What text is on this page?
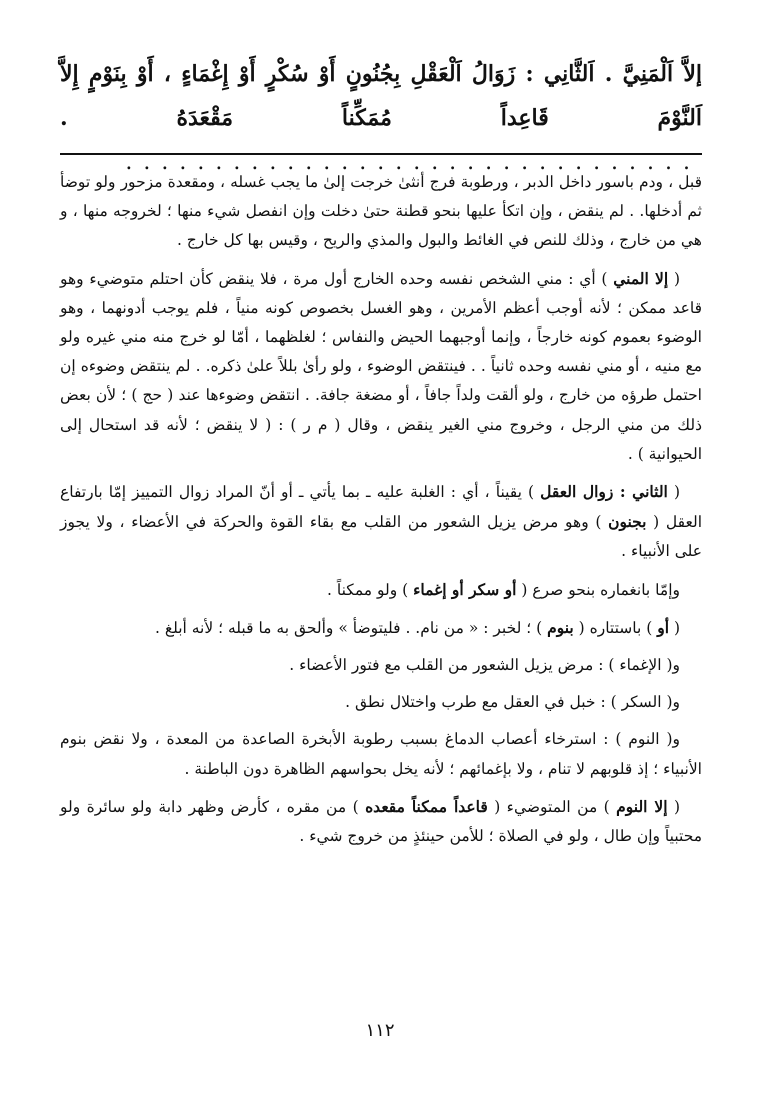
إلاَّ اَلْمَنِيَّ . اَلثَّانِي : زَوَالُ اَلْعَقْلِ بِجُنُونٍ أَوْ سُكْرٍ أَوْ إِغْمَاءٍ ، أَوْ بِنَوْمٍ إِلاَّ اَلنَّوْمَ قَاعِداً مُمَكِّناً مَقْعَدَهُ . . . . . . . . . . . . . . . . . . . . . . . . . . . . . . . . .

قبل ، ودم باسور داخل الدبر ، ورطوبة فرج أنثىٰ خرجت إلىٰ ما يجب غسله ، ومقعدة مزحور ولو توضأ ثم أدخلها. . لم ينقض ، وإن اتكأ عليها بنحو قطنة حتىٰ دخلت وإن انفصل شيء منها ؛ لخروجه منها ، و هي من خارج ، وذلك للنص في الغائط والبول والمذي والريح ، وقيس بها كل خارج .

( إلا المني ) أي : مني الشخص نفسه وحده الخارج أول مرة ، فلا ينقض كأن احتلم متوضيء وهو قاعد ممكن ؛ لأنه أوجب أعظم الأمرين ، وهو الغسل بخصوص كونه منياً ، فلم يوجب أدونهما ، وهو الوضوء بعموم كونه خارجاً ، وإنما أوجبهما الحيض والنفاس ؛ لغلظهما ، أمّا لو خرج منه مني غيره ولو مع منيه ، أو مني نفسه وحده ثانياً . . فينتقض الوضوء ، ولو رأىٰ بللاً علىٰ ذكره. . لم ينتقض وضوءه إن احتمل طرؤه من خارج ، ولو ألقت ولداً جافاً ، أو مضغة جافة. . انتقض وضوءها عند ( حج ) ؛ لأن بعض ذلك من مني الرجل ، وخروج مني الغير ينقض ، وقال ( م ر ) : ( لا ينقض ؛ لأنه قد استحال إلى الحيوانية ) .

( الثاني : زوال العقل ) يقيناً ، أي : الغلبة عليه ـ بما يأتي ـ أو أنّ المراد زوال التمييز إمّا بارتفاع العقل ( بجنون ) وهو مرض يزيل الشعور من القلب مع بقاء القوة والحركة في الأعضاء ، ولا يجوز على الأنبياء .

وإمّا بانغماره بنحو صرع ( أو سكر أو إغماء ) ولو ممكناً .

( أو ) باستتاره ( بنوم ) ؛ لخبر : « من نام. . فليتوضأ » وألحق به ما قبله ؛ لأنه أبلغ .

و( الإغماء ) : مرض يزيل الشعور من القلب مع فتور الأعضاء .

و( السكر ) : خبل في العقل مع طرب واختلال نطق .

و( النوم ) : استرخاء أعصاب الدماغ بسبب رطوبة الأبخرة الصاعدة من المعدة ، ولا نقض بنوم الأنبياء ؛ إذ قلوبهم لا تنام ، ولا بإغمائهم ؛ لأنه يخل بحواسهم الظاهرة دون الباطنة .

( إلا النوم ) من المتوضيء ( قاعداً ممكناً مقعده ) من مقره ، كأرض وظهر دابة ولو سائرة ولو محتبياً وإن طال ، ولو في الصلاة ؛ للأمن حينئذٍ من خروج شيء .

١١٢
